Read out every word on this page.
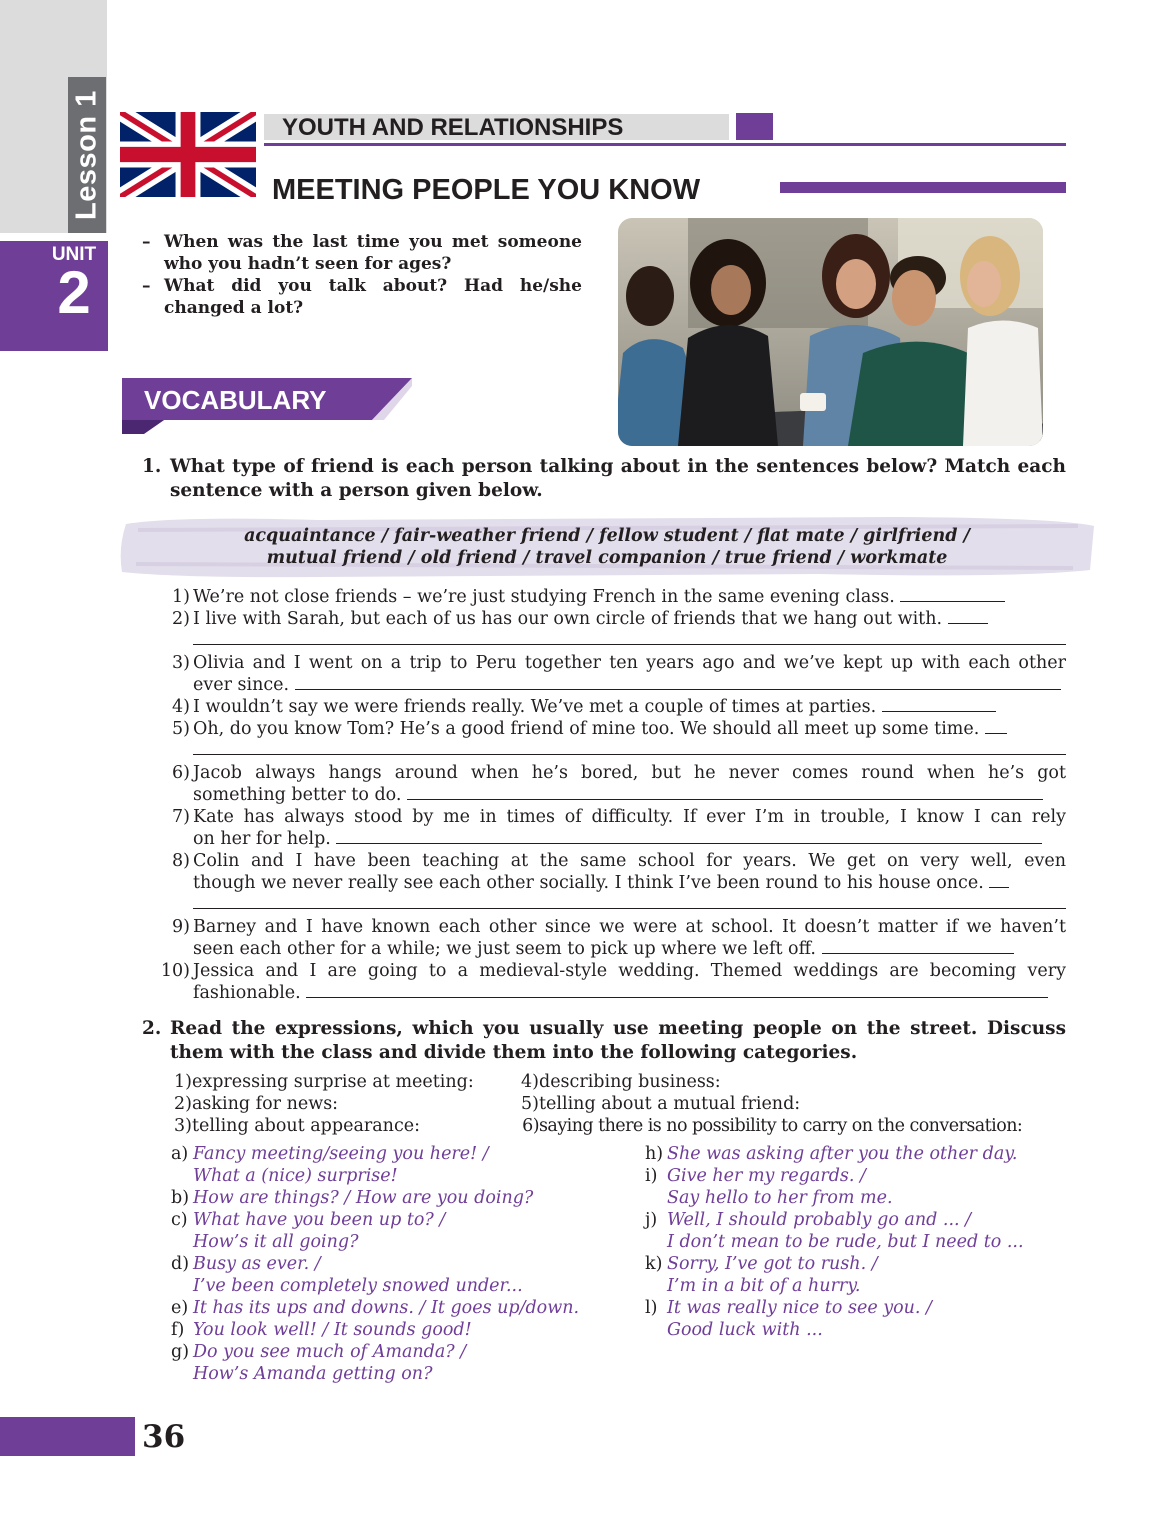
Lesson 1
UNIT
2
YOUTH AND RELATIONSHIPS
MEETING PEOPLE YOU KNOW
– When was the last time you met someone who you hadn’t seen for ages?
– What did you talk about? Had he/she changed a lot?
VOCABULARY
1. What type of friend is each person talking about in the sentences below? Match each sentence with a person given below.
acquaintance / fair-weather friend / fellow student / flat mate / girlfriend /
mutual friend / old friend / travel companion / true friend / workmate
1) We’re not close friends – we’re just studying French in the same evening class.
2) I live with Sarah, but each of us has our own circle of friends that we hang out with.
3) Olivia and I went on a trip to Peru together ten years ago and we’ve kept up with each other
ever since.
4) I wouldn’t say we were friends really. We’ve met a couple of times at parties.
5) Oh, do you know Tom? He’s a good friend of mine too. We should all meet up some time.
6) Jacob always hangs around when he’s bored, but he never comes round when he’s got
something better to do.
7) Kate has always stood by me in times of difficulty. If ever I’m in trouble, I know I can rely
on her for help.
8) Colin and I have been teaching at the same school for years. We get on very well, even
though we never really see each other socially. I think I’ve been round to his house once.
9) Barney and I have known each other since we were at school. It doesn’t matter if we haven’t
seen each other for a while; we just seem to pick up where we left off.
10) Jessica and I are going to a medieval-style wedding. Themed weddings are becoming very
fashionable.
2. Read the expressions, which you usually use meeting people on the street. Discuss them with the class and divide them into the following categories.
1)expressing surprise at meeting:
2)asking for news:
3)telling about appearance:
4)describing business:
5)telling about a mutual friend:
6)saying there is no possibility to carry on the conversation:
a) Fancy meeting/seeing you here! /
What a (nice) surprise!
b) How are things? / How are you doing?
c) What have you been up to? /
How’s it all going?
d) Busy as ever. /
I’ve been completely snowed under...
e) It has its ups and downs. / It goes up/down.
f) You look well! / It sounds good!
g) Do you see much of Amanda? /
How’s Amanda getting on?
h) She was asking after you the other day.
i) Give her my regards. /
Say hello to her from me.
j) Well, I should probably go and ... /
I don’t mean to be rude, but I need to ...
k) Sorry, I’ve got to rush. /
I’m in a bit of a hurry.
l) It was really nice to see you. /
Good luck with ...
36
